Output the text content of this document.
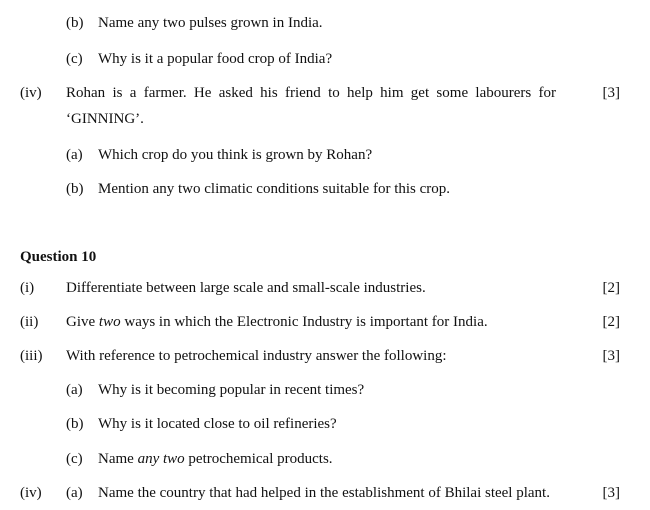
(b) Name any two pulses grown in India.
(c) Why is it a popular food crop of India?
(iv) Rohan is a farmer. He asked his friend to help him get some labourers for	[3]
‘GINNING’.
(a) Which crop do you think is grown by Rohan?
(b) Mention any two climatic conditions suitable for this crop.
Question 10
(i) Differentiate between large scale and small-scale industries.	[2]
(ii) Give two ways in which the Electronic Industry is important for India.	[2]
(iii) With reference to petrochemical industry answer the following:	[3]
(a) Why is it becoming popular in recent times?
(b) Why is it located close to oil refineries?
(c) Name any two petrochemical products.
(iv) (a) Name the country that had helped in the establishment of Bhilai steel plant.	[3]
